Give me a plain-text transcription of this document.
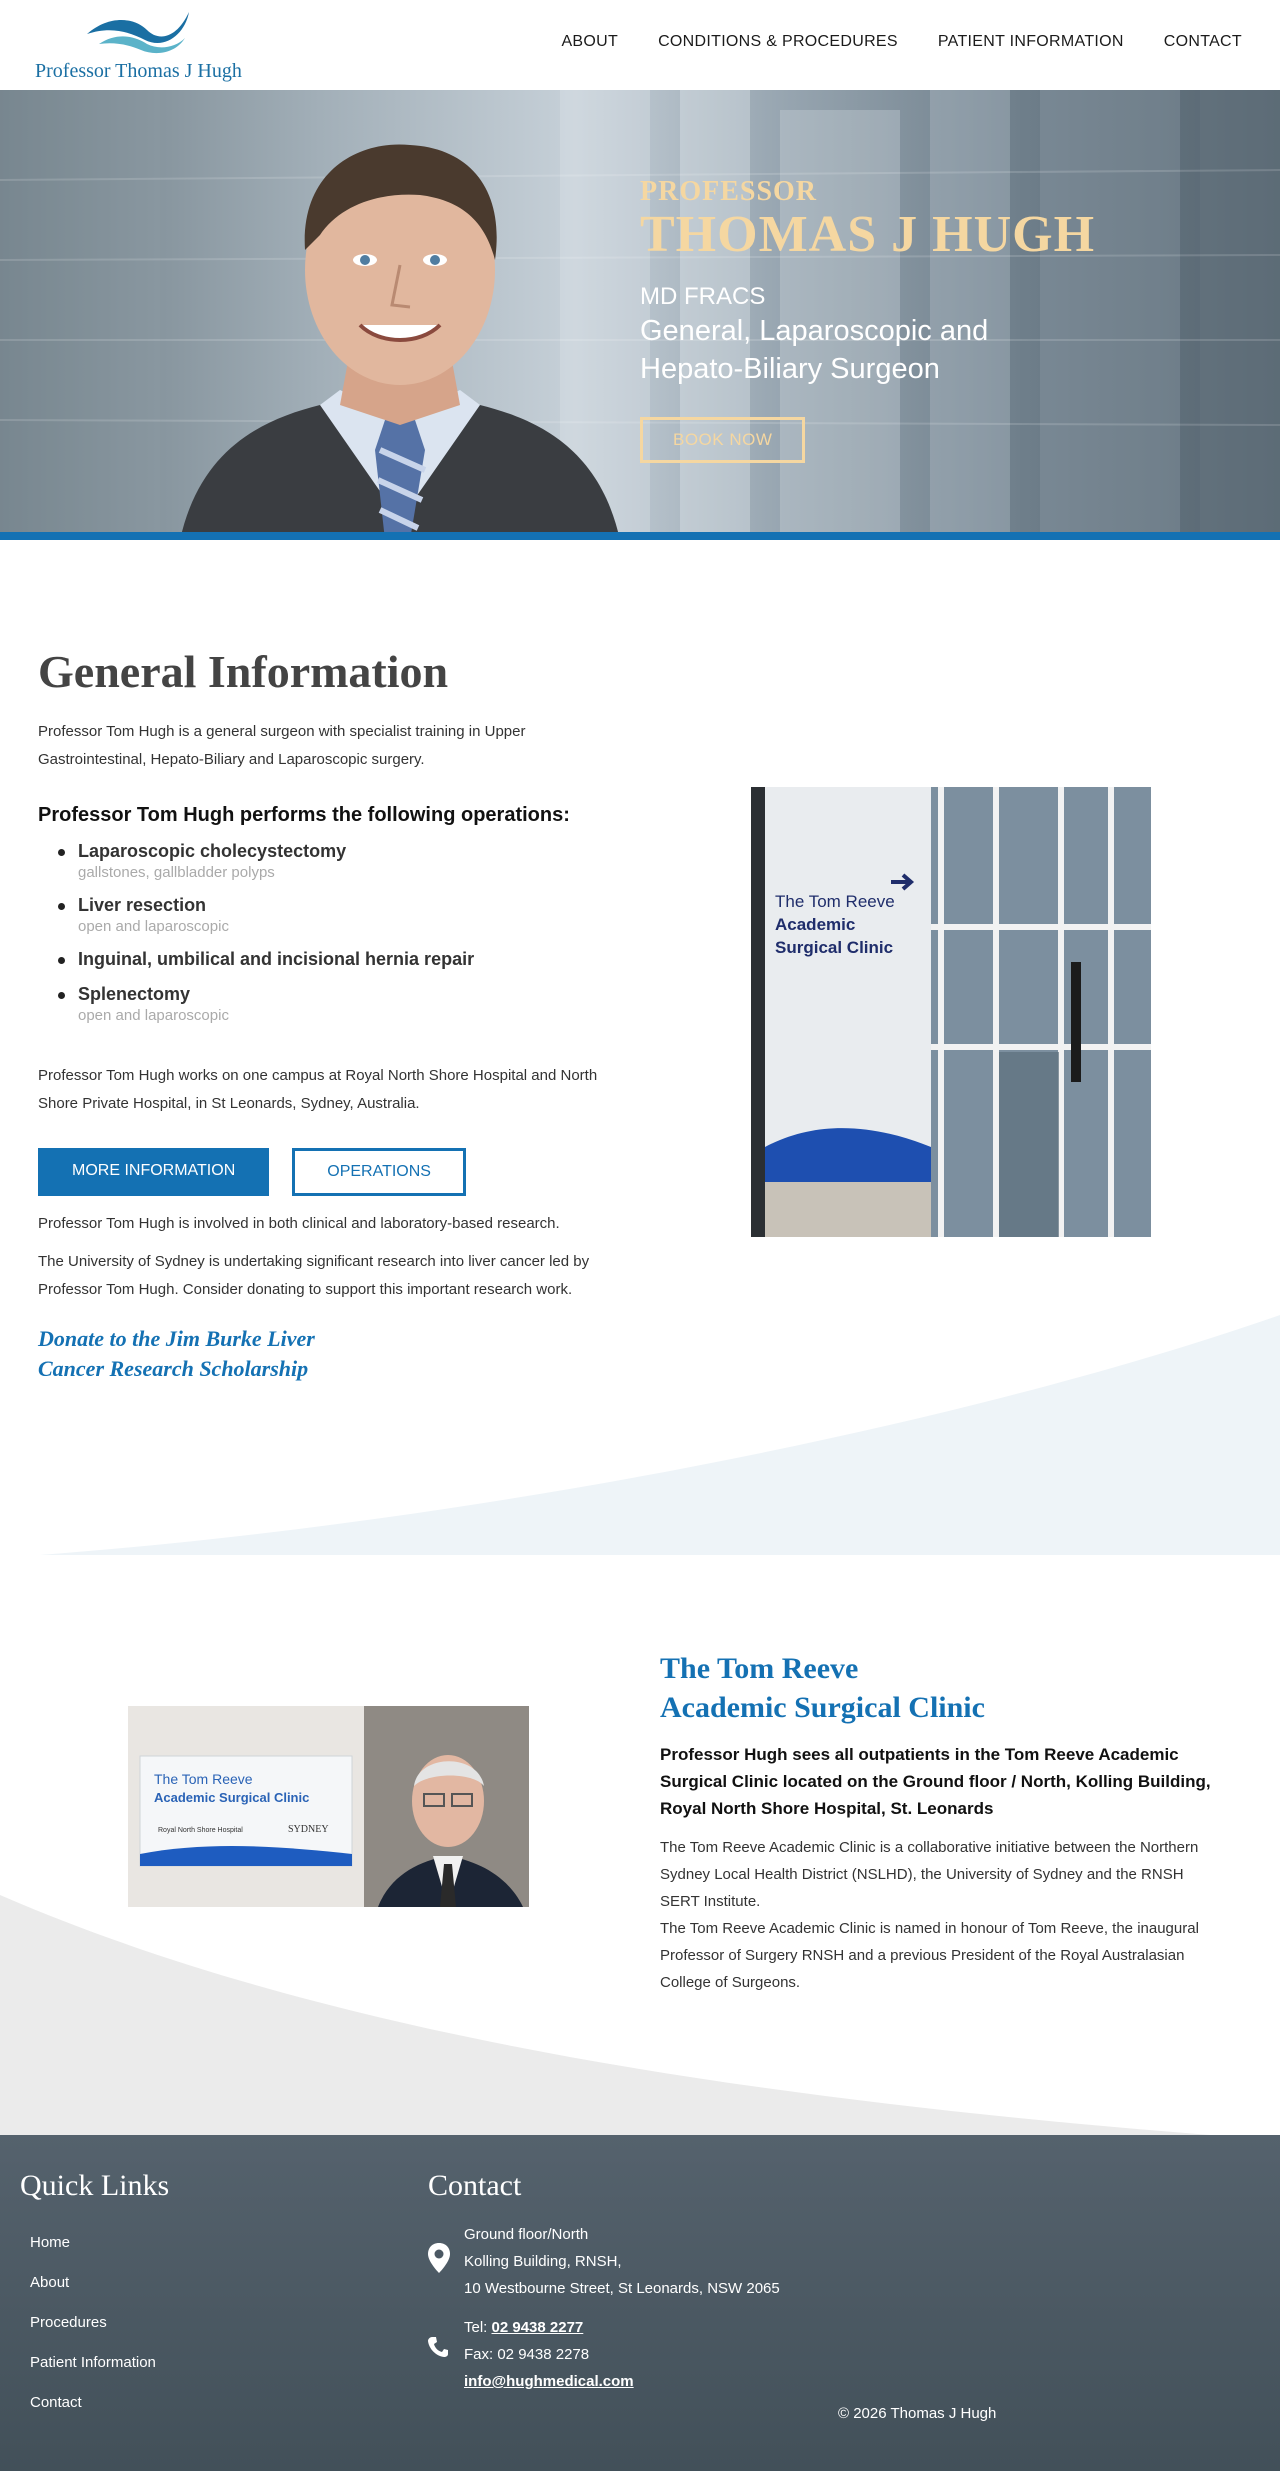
Professor Thomas J Hugh
ABOUT	CONDITIONS & PROCEDURES	PATIENT INFORMATION	CONTACT
PROFESSOR
THOMAS J HUGH
MD FRACS
General, Laparoscopic and
Hepato-Biliary Surgeon
BOOK NOW
General Information

Professor Tom Hugh is a general surgeon with specialist training in Upper Gastrointestinal, Hepato-Biliary and Laparoscopic surgery.

Professor Tom Hugh performs the following operations:
Laparoscopic cholecystectomy
gallstones, gallbladder polyps
Liver resection
open and laparoscopic
Inguinal, umbilical and incisional hernia repair
Splenectomy
open and laparoscopic

Professor Tom Hugh works on one campus at Royal North Shore Hospital and North Shore Private Hospital, in St Leonards, Sydney, Australia.

MORE INFORMATION	OPERATIONS

Professor Tom Hugh is involved in both clinical and laboratory-based research.

The University of Sydney is undertaking significant research into liver cancer led by Professor Tom Hugh. Consider donating to support this important research work.

Donate to the Jim Burke Liver
Cancer Research Scholarship
The Tom Reeve
Academic
Surgical Clinic
The Tom Reeve
Academic Surgical Clinic
Royal North Shore Hospital	SYDNEY
The Tom Reeve
Academic Surgical Clinic

Professor Hugh sees all outpatients in the Tom Reeve Academic Surgical Clinic located on the Ground floor / North, Kolling Building, Royal North Shore Hospital, St. Leonards

The Tom Reeve Academic Clinic is a collaborative initiative between the Northern Sydney Local Health District (NSLHD), the University of Sydney and the RNSH SERT Institute.

The Tom Reeve Academic Clinic is named in honour of Tom Reeve, the inaugural Professor of Surgery RNSH and a previous President of the Royal Australasian College of Surgeons.

Quick Links
Home
About
Procedures
Patient Information
Contact
Contact
Ground floor/North
Kolling Building, RNSH,
10 Westbourne Street, St Leonards, NSW 2065
Tel: 02 9438 2277
Fax: 02 9438 2278
info@hughmedical.com
© 2026 Thomas J Hugh
